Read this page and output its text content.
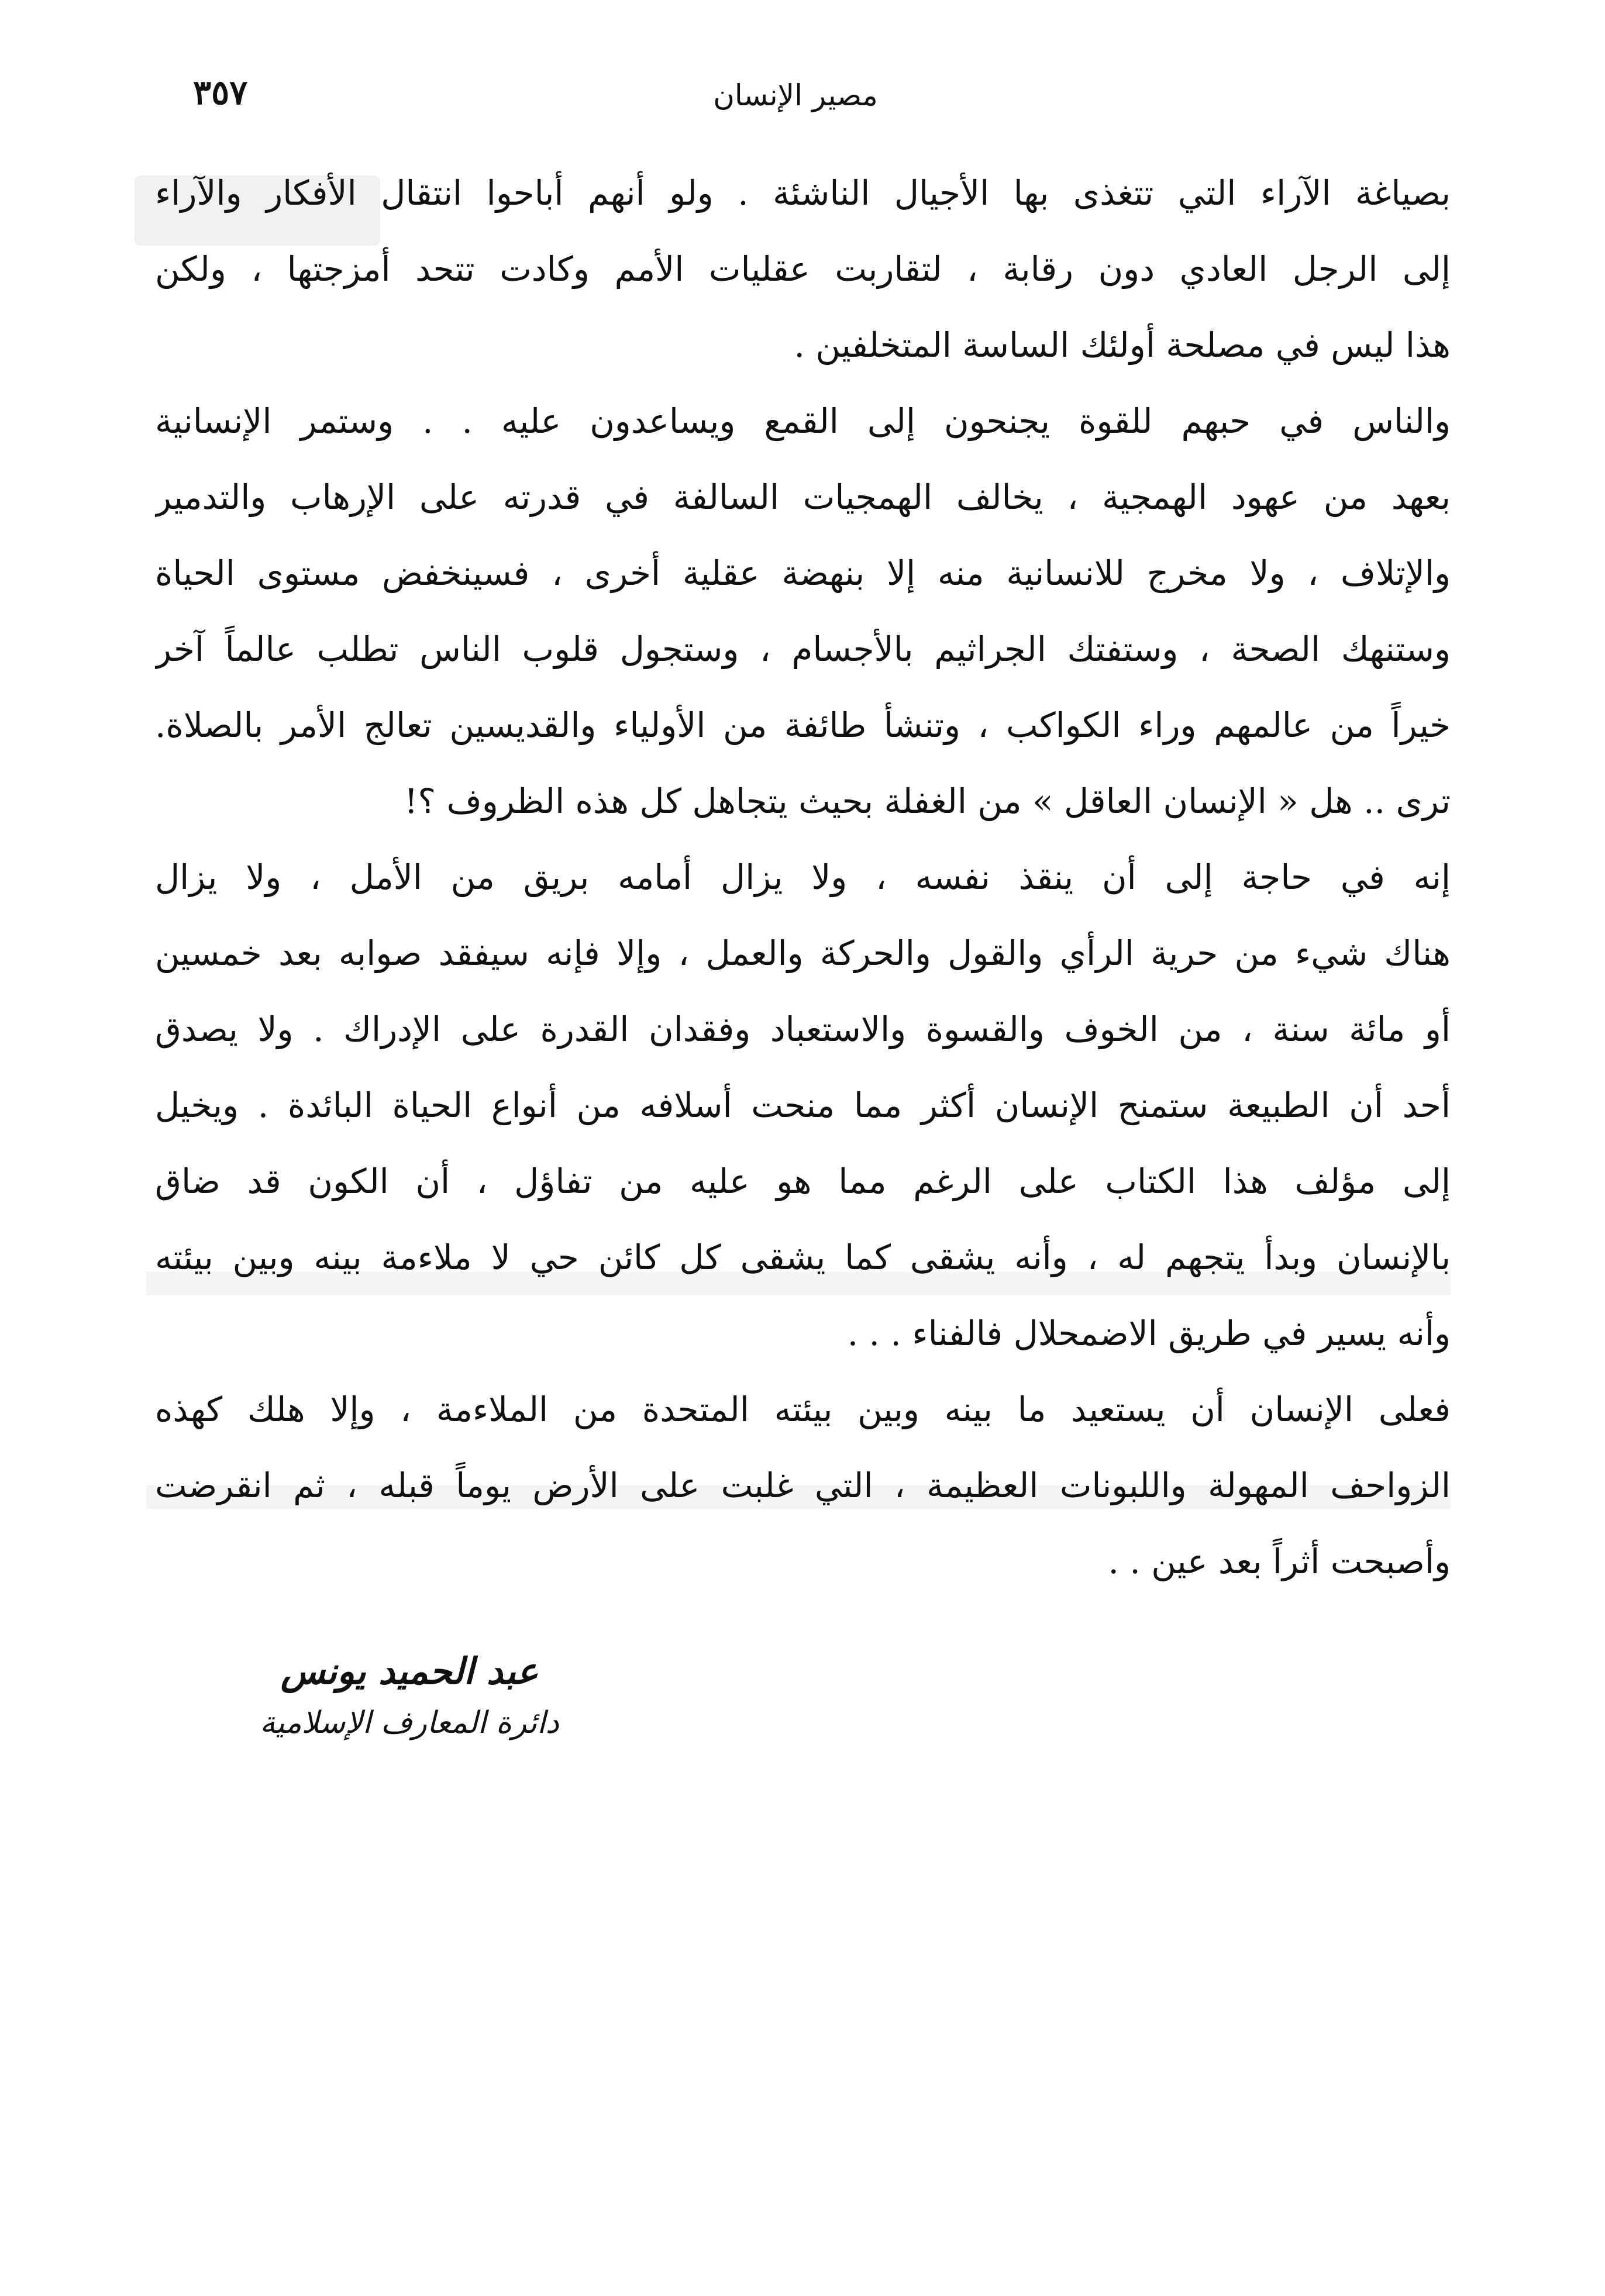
٣٥٧	مصير الإنسان
بصياغة الآراء التي تتغذى بها الأجيال الناشئة . ولو أنهم أباحوا انتقال الأفكار والآراء
إلى الرجل العادي دون رقابة ، لتقاربت عقليات الأمم وكادت تتحد أمزجتها ، ولكن
هذا ليس في مصلحة أولئك الساسة المتخلفين .
والناس في حبهم للقوة يجنحون إلى القمع ويساعدون عليه . . وستمر الإنسانية
بعهد من عهود الهمجية ، يخالف الهمجيات السالفة في قدرته على الإرهاب والتدمير
والإتلاف ، ولا مخرج للانسانية منه إلا بنهضة عقلية أخرى ، فسينخفض مستوى الحياة
وستنهك الصحة ، وستفتك الجراثيم بالأجسام ، وستجول قلوب الناس تطلب عالماً آخر
خيراً من عالمهم وراء الكواكب ، وتنشأ طائفة من الأولياء والقديسين تعالج الأمر بالصلاة.
ترى .. هل « الإنسان العاقل » من الغفلة بحيث يتجاهل كل هذه الظروف ؟!
إنه في حاجة إلى أن ينقذ نفسه ، ولا يزال أمامه بريق من الأمل ، ولا يزال
هناك شيء من حرية الرأي والقول والحركة والعمل ، وإلا فإنه سيفقد صوابه بعد خمسين
أو مائة سنة ، من الخوف والقسوة والاستعباد وفقدان القدرة على الإدراك . ولا يصدق
أحد أن الطبيعة ستمنح الإنسان أكثر مما منحت أسلافه من أنواع الحياة البائدة . ويخيل
إلى مؤلف هذا الكتاب على الرغم مما هو عليه من تفاؤل ، أن الكون قد ضاق
بالإنسان وبدأ يتجهم له ، وأنه يشقى كما يشقى كل كائن حي لا ملاءمة بينه وبين بيئته
وأنه يسير في طريق الاضمحلال فالفناء . . .
فعلى الإنسان أن يستعيد ما بينه وبين بيئته المتحدة من الملاءمة ، وإلا هلك كهذه
الزواحف المهولة واللبونات العظيمة ، التي غلبت على الأرض يوماً قبله ، ثم انقرضت
وأصبحت أثراً بعد عين . .
عبد الحميد يونس
دائرة المعارف الإسلامية
